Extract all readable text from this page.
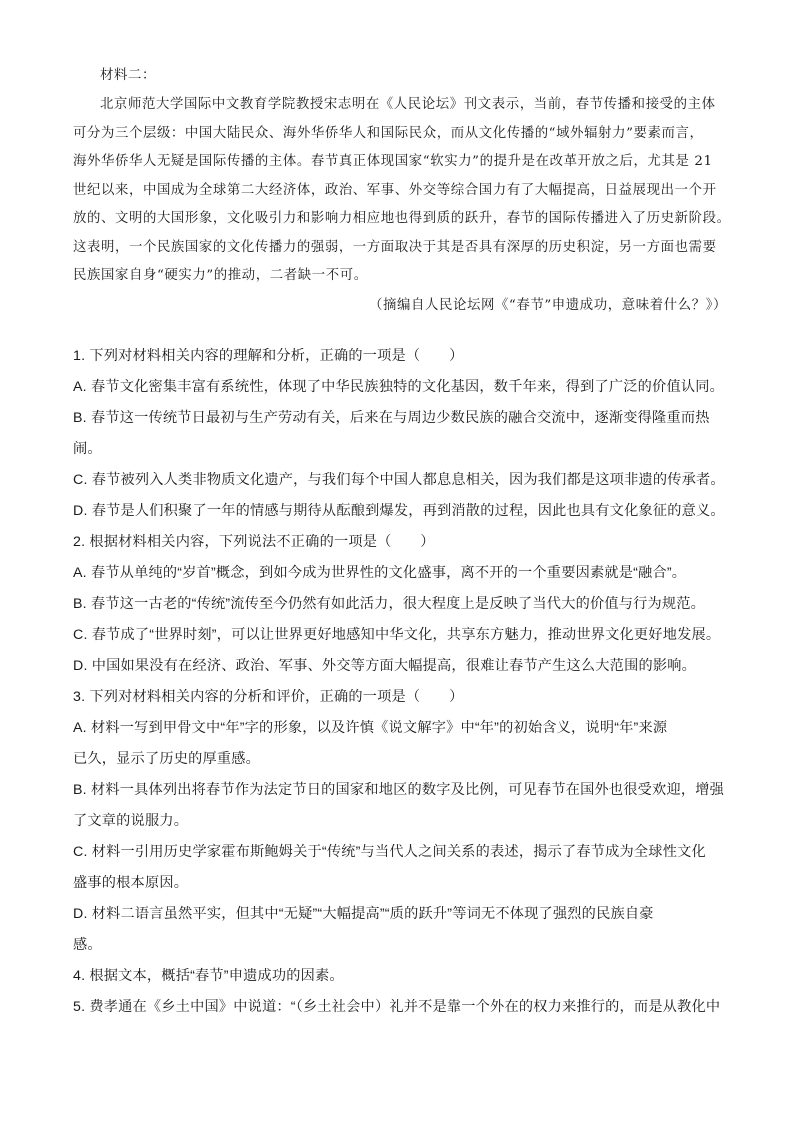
材料二：
北京师范大学国际中文教育学院教授宋志明在《人民论坛》刊文表示，当前，春节传播和接受的主体
可分为三个层级：中国大陆民众、海外华侨华人和国际民众，而从文化传播的“域外辐射力”要素而言，
海外华侨华人无疑是国际传播的主体。春节真正体现国家“软实力”的提升是在改革开放之后，尤其是 21
世纪以来，中国成为全球第二大经济体，政治、军事、外交等综合国力有了大幅提高，日益展现出一个开
放的、文明的大国形象，文化吸引力和影响力相应地也得到质的跃升，春节的国际传播进入了历史新阶段。
这表明，一个民族国家的文化传播力的强弱，一方面取决于其是否具有深厚的历史积淀，另一方面也需要
民族国家自身“硬实力”的推动，二者缺一不可。
（摘编自人民论坛网《“春节”申遗成功，意味着什么？》）
1. 下列对材料相关内容的理解和分析，正确的一项是（　　）
A. 春节文化密集丰富有系统性，体现了中华民族独特的文化基因，数千年来，得到了广泛的价值认同。
B. 春节这一传统节日最初与生产劳动有关，后来在与周边少数民族的融合交流中，逐渐变得隆重而热
闹。
C. 春节被列入人类非物质文化遗产，与我们每个中国人都息息相关，因为我们都是这项非遗的传承者。
D. 春节是人们积聚了一年的情感与期待从酝酿到爆发，再到消散的过程，因此也具有文化象征的意义。
2. 根据材料相关内容，下列说法不正确的一项是（　　）
A. 春节从单纯的“岁首”概念，到如今成为世界性的文化盛事，离不开的一个重要因素就是“融合”。
B. 春节这一古老的“传统”流传至今仍然有如此活力，很大程度上是反映了当代大的价值与行为规范。
C. 春节成了“世界时刻”，可以让世界更好地感知中华文化，共享东方魅力，推动世界文化更好地发展。
D. 中国如果没有在经济、政治、军事、外交等方面大幅提高，很难让春节产生这么大范围的影响。
3. 下列对材料相关内容的分析和评价，正确的一项是（　　）
A. 材料一写到甲骨文中“年”字的形象，以及许慎《说文解字》中“年”的初始含义，说明“年”来源
已久，显示了历史的厚重感。
B. 材料一具体列出将春节作为法定节日的国家和地区的数字及比例，可见春节在国外也很受欢迎，增强
了文章的说服力。
C. 材料一引用历史学家霍布斯鲍姆关于“传统”与当代人之间关系的表述，揭示了春节成为全球性文化
盛事的根本原因。
D. 材料二语言虽然平实，但其中“无疑”“大幅提高”“质的跃升”等词无不体现了强烈的民族自豪
感。
4. 根据文本，概括“春节”申遗成功的因素。
5. 费孝通在《乡土中国》中说道：“（乡土社会中）礼并不是靠一个外在的权力来推行的，而是从教化中
